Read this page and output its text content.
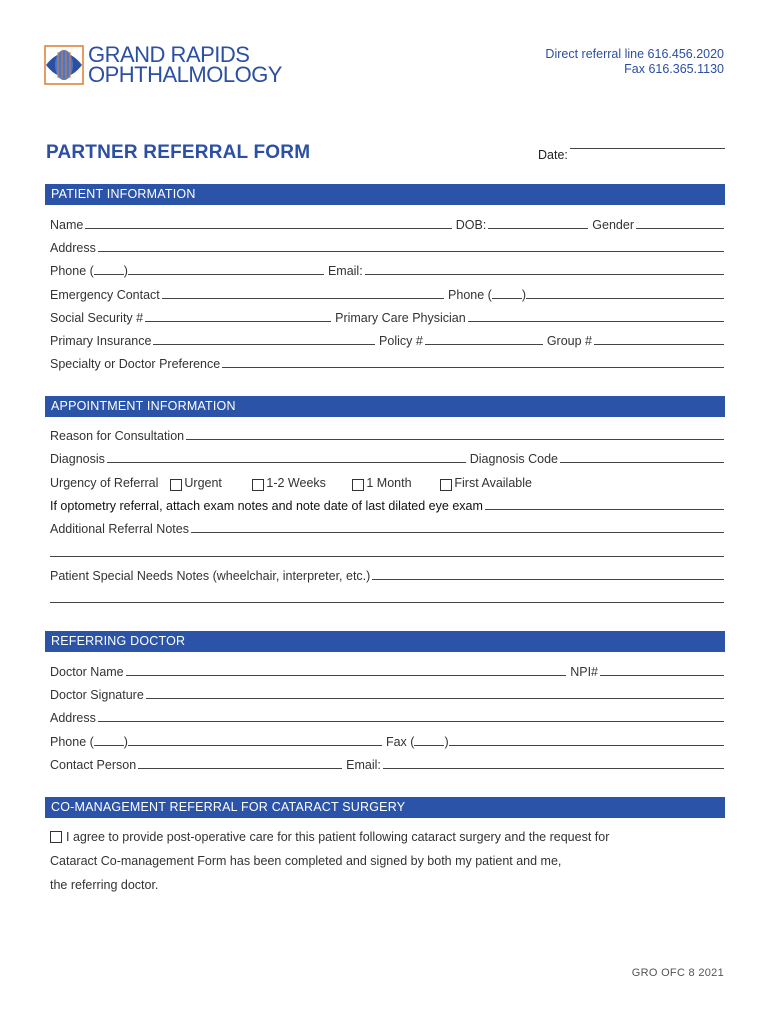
GRAND RAPIDS
OPHTHALMOLOGY
Direct referral line 616.456.2020
Fax 616.365.1130
PARTNER REFERRAL FORM	Date:
PATIENT INFORMATION
Name	DOB:	Gender
Address
Phone ( )	Email:
Emergency Contact	Phone ( )
Social Security #	Primary Care Physician
Primary Insurance	Policy #	Group #
Specialty or Doctor Preference
APPOINTMENT INFORMATION
Reason for Consultation
Diagnosis	Diagnosis Code
Urgency of Referral Urgent	1-2 Weeks	1 Month	First Available
If optometry referral, attach exam notes and note date of last dilated eye exam
Additional Referral Notes
Patient Special Needs Notes (wheelchair, interpreter, etc.)
REFERRING DOCTOR
Doctor Name	NPI#
Doctor Signature
Address
Phone ( )	Fax ( )
Contact Person	Email:
CO-MANAGEMENT REFERRAL FOR CATARACT SURGERY
I agree to provide post-operative care for this patient following cataract surgery and the request for
Cataract Co-management Form has been completed and signed by both my patient and me,
the referring doctor.
GRO OFC 8 2021
